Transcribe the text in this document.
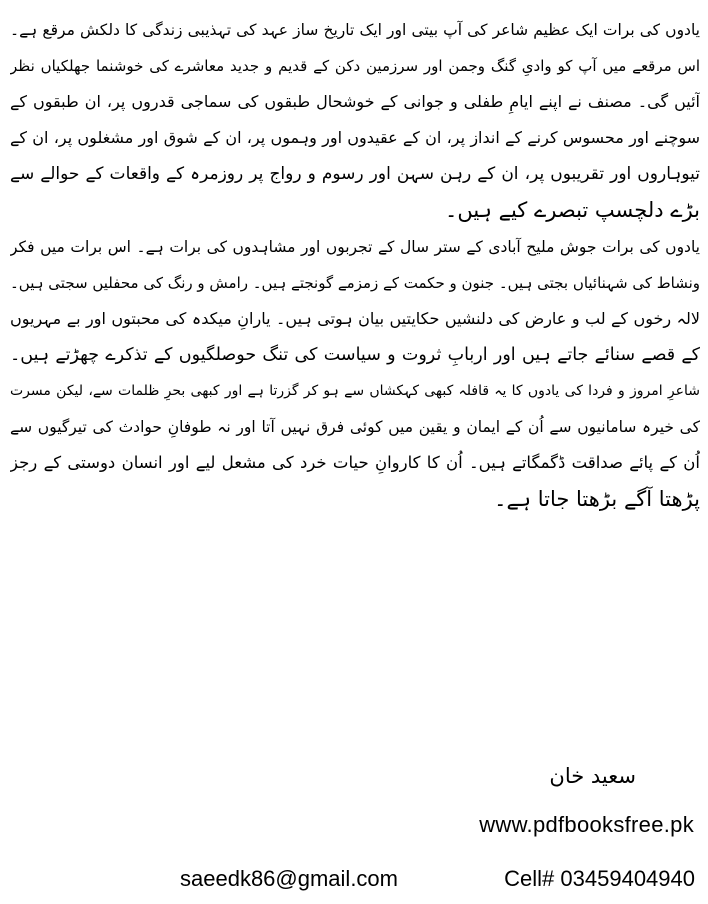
یادوں کی برات ایک عظیم شاعر کی آپ بیتی اور ایک تاریخ ساز عہد کی تہذیبی زندگی کا دلکش مرقع ہے۔
اس مرقعے میں آپ کو وادیِ گنگ وجمن اور سرزمین دکن کے قدیم و جدید معاشرے کی خوشنما جھلکیاں نظر
آئیں گی۔ مصنف نے اپنے ایامِ طفلی و جوانی کے خوشحال طبقوں کی سماجی قدروں پر، ان طبقوں کے
سوچنے اور محسوس کرنے کے انداز پر، ان کے عقیدوں اور وہموں پر، ان کے شوق اور مشغلوں پر، ان کے
تیوہاروں اور تقریبوں پر، ان کے رہن سہن اور رسوم و رواج پر روزمرہ کے واقعات کے حوالے سے
بڑے دلچسپ تبصرے کیے ہیں۔
یادوں کی برات جوش ملیح آبادی کے ستر سال کے تجربوں اور مشاہدوں کی برات ہے۔ اس برات میں فکر
ونشاط کی شہنائیاں بجتی ہیں۔ جنون و حکمت کے زمزمے گونجتے ہیں۔ رامش و رنگ کی محفلیں سجتی ہیں۔
لالہ رخوں کے لب و عارض کی دلنشیں حکایتیں بیان ہوتی ہیں۔ یارانِ میکدہ کی محبتوں اور بے مہریوں
کے قصے سنائے جاتے ہیں اور اربابِ ثروت و سیاست کی تنگ حوصلگیوں کے تذکرے چھڑتے ہیں۔
شاعرِ امروز و فردا کی یادوں کا یہ قافلہ کبھی کہکشاں سے ہو کر گزرتا ہے اور کبھی بحرِ ظلمات سے، لیکن مسرت
کی خیرہ سامانیوں سے اُن کے ایمان و یقین میں کوئی فرق نہیں آتا اور نہ طوفانِ حوادث کی تیرگیوں سے
اُن کے پائے صداقت ڈگمگاتے ہیں۔ اُن کا کاروانِ حیات خرد کی مشعل لیے اور انسان دوستی کے رجز
پڑھتا آگے بڑھتا جاتا ہے۔
سعید خان
www.pdfbooksfree.pk
saeedk86@gmail.com	Cell# 03459404940
